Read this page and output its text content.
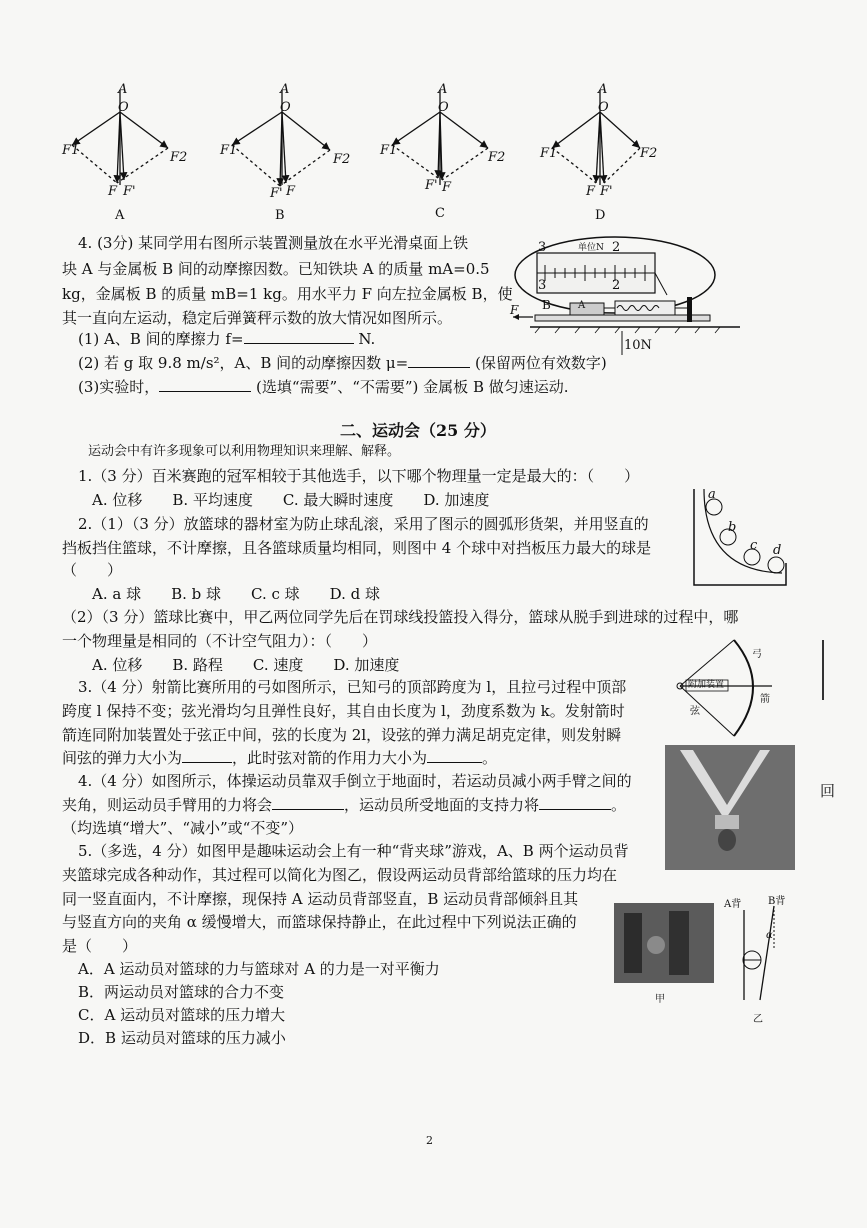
A
O
F1	F2
F F'
A
A
O
F1
F2
F' F
B
A
O
F1	F2
F' F
C
A
O
F1	F2
F F'
D
4. (3分) 某同学用右图所示装置测量放在水平光滑桌面上铁
块 A 与金属板 B 间的动摩擦因数。已知铁块 A 的质量 mA=0.5
kg，金属板 B 的质量 mB=1 kg。用水平力 F 向左拉金属板 B，使
其一直向左运动，稳定后弹簧秤示数的放大情况如图所示。
(1) A、B 间的摩擦力 f=	N.
(2) 若 g 取 9.8 m/s²，A、B 间的动摩擦因数 μ=	(保留两位有效数字)
(3)实验时，	(选填“需要”、“不需要”) 金属板 B 做匀速运动.
3	2
单位N
3	2
B	A
F
10N
二、运动会（25 分）
运动会中有许多现象可以利用物理知识来理解、解释。
1.（3 分）百米赛跑的冠军相较于其他选手，以下哪个物理量一定是最大的：（　　）
A. 位移　　B. 平均速度　　C. 最大瞬时速度　　D. 加速度
2.（1）（3 分）放篮球的器材室为防止球乱滚，采用了图示的圆弧形货架，并用竖直的
挡板挡住篮球，不计摩擦，且各篮球质量均相同，则图中 4 个球中对挡板压力最大的球是
（　　）
A. a 球　　B. b 球　　C. c 球　　D. d 球
a
b
c d
（2）（3 分）篮球比赛中，甲乙两位同学先后在罚球线投篮投入得分，篮球从脱手到进球的过程中，哪
一个物理量是相同的（不计空气阻力）：（　　）
A. 位移　　B. 路程　　C. 速度　　D. 加速度
3.（4 分）射箭比赛所用的弓如图所示，已知弓的顶部跨度为 l，且拉弓过程中顶部
跨度 l 保持不变；弦光滑均匀且弹性良好，其自由长度为 l，劲度系数为 k。发射箭时
箭连同附加装置处于弦正中间，弦的长度为 2l，设弦的弹力满足胡克定律，则发射瞬
间弦的弹力大小为	，此时弦对箭的作用力大小为	。
弓
附加装置
弦
箭
4.（4 分）如图所示，体操运动员靠双手倒立于地面时，若运动员减小两手臂之间的
夹角，则运动员手臂用的力将会	，运动员所受地面的支持力将	。
（均选填“增大”、“减小”或“不变”）
5.（多选，4 分）如图甲是趣味运动会上有一种“背夹球”游戏，A、B 两个运动员背
夹篮球完成各种动作，其过程可以简化为图乙，假设两运动员背部给篮球的压力均在
同一竖直面内，不计摩擦，现保持 A 运动员背部竖直，B 运动员背部倾斜且其
与竖直方向的夹角 α 缓慢增大，而篮球保持静止，在此过程中下列说法正确的
是（　　）
A．A 运动员对篮球的力与篮球对 A 的力是一对平衡力
B．两运动员对篮球的合力不变
C．A 运动员对篮球的压力增大
D．B 运动员对篮球的压力减小
A背	B背
α
甲
乙
回
2
